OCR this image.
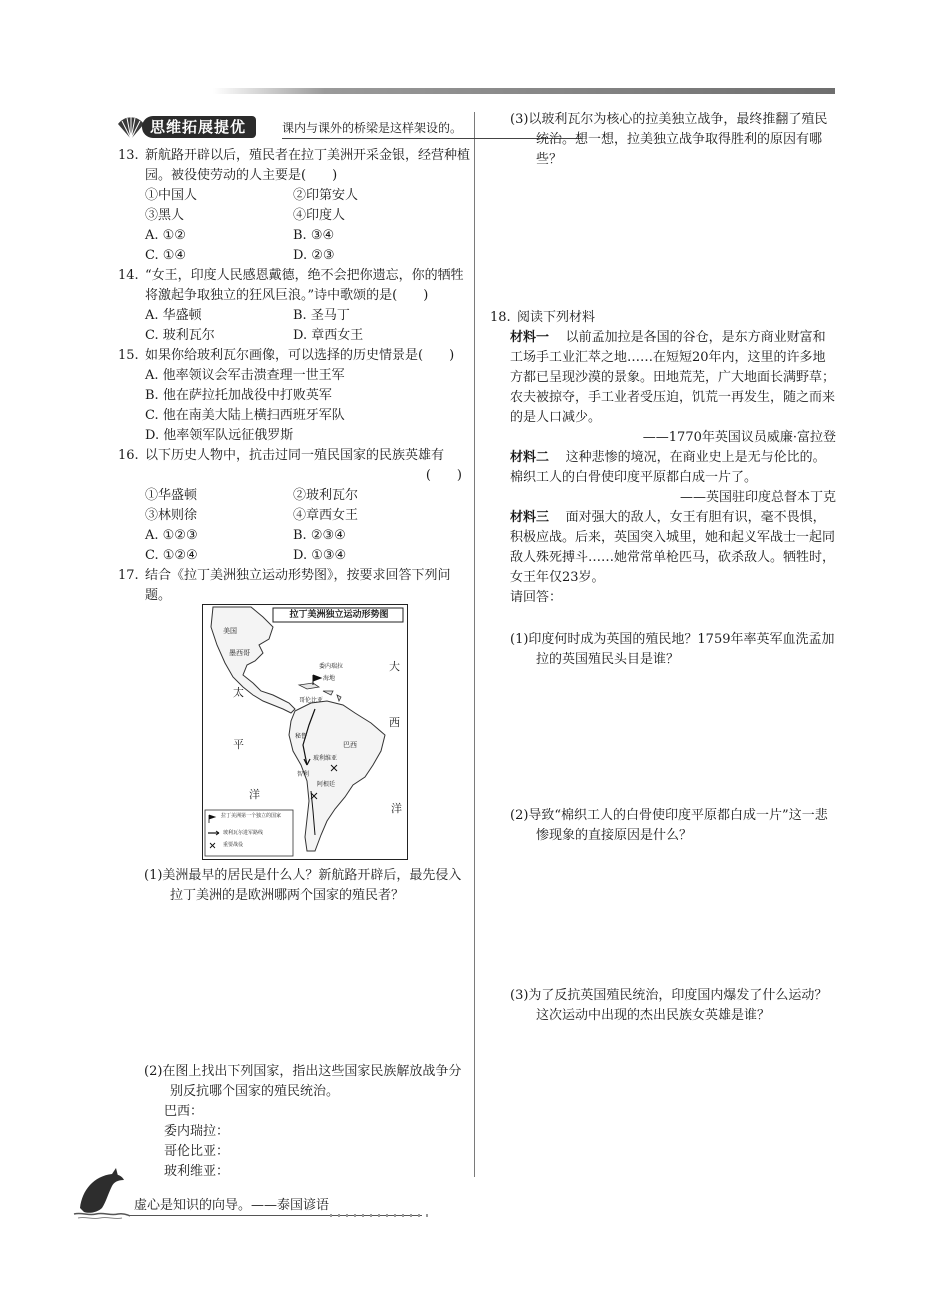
思维拓展提优	课内与课外的桥梁是这样架设的。
13. 新航路开辟以后，殖民者在拉丁美洲开采金银，经营种植园。被役使劳动的人主要是(　　)
①中国人	②印第安人
③黑人	④印度人
A. ①②	B. ③④
C. ①④	D. ②③
14. “女王，印度人民感恩戴德，绝不会把你遗忘，你的牺牲将激起争取独立的狂风巨浪。”诗中歌颂的是(　　)
A. 华盛顿	B. 圣马丁
C. 玻利瓦尔	D. 章西女王
15. 如果你给玻利瓦尔画像，可以选择的历史情景是(　　)
A. 他率领议会军击溃查理一世王军
B. 他在萨拉托加战役中打败英军
C. 他在南美大陆上横扫西班牙军队
D. 他率领军队远征俄罗斯
16. 以下历史人物中，抗击过同一殖民国家的民族英雄有
(　　)
①华盛顿	②玻利瓦尔
③林则徐	④章西女王
A. ①②③	B. ②③④
C. ①②④	D. ①③④
17. 结合《拉丁美洲独立运动形势图》，按要求回答下列问题。
拉丁美洲独立运动形势图
美国
墨西哥
太
平
洋
大
西
洋
哥伦比亚
委内瑞拉
海地
秘鲁
巴西
玻利维亚
阿根廷
智利
拉丁美洲第一个独立的国家
玻利瓦尔进军路线
重要战役
(1)美洲最早的居民是什么人？新航路开辟后，最先侵入拉丁美洲的是欧洲哪两个国家的殖民者？
(2)在图上找出下列国家，指出这些国家民族解放战争分别反抗哪个国家的殖民统治。
巴西：
委内瑞拉：
哥伦比亚：
玻利维亚：
(3)以玻利瓦尔为核心的拉美独立战争，最终推翻了殖民统治。想一想，拉美独立战争取得胜利的原因有哪些？
18. 阅读下列材料
材料一 以前孟加拉是各国的谷仓，是东方商业财富和工场手工业汇萃之地……在短短20年内，这里的许多地方都已呈现沙漠的景象。田地荒芜，广大地面长满野草；农夫被掠夺，手工业者受压迫，饥荒一再发生，随之而来的是人口减少。
——1770年英国议员威廉·富拉登
材料二 这种悲惨的境况，在商业史上是无与伦比的。棉织工人的白骨使印度平原都白成一片了。
——英国驻印度总督本丁克
材料三 面对强大的敌人，女王有胆有识，毫不畏惧，积极应战。后来，英国突入城里，她和起义军战士一起同敌人殊死搏斗……她常常单枪匹马，砍杀敌人。牺牲时，女王年仅23岁。
请回答：
(1)印度何时成为英国的殖民地？1759年率英军血洗孟加拉的英国殖民头目是谁？
(2)导致“棉织工人的白骨使印度平原都白成一片”这一悲惨现象的直接原因是什么？
(3)为了反抗英国殖民统治，印度国内爆发了什么运动？这次运动中出现的杰出民族女英雄是谁？
虚心是知识的向导。——泰国谚语
